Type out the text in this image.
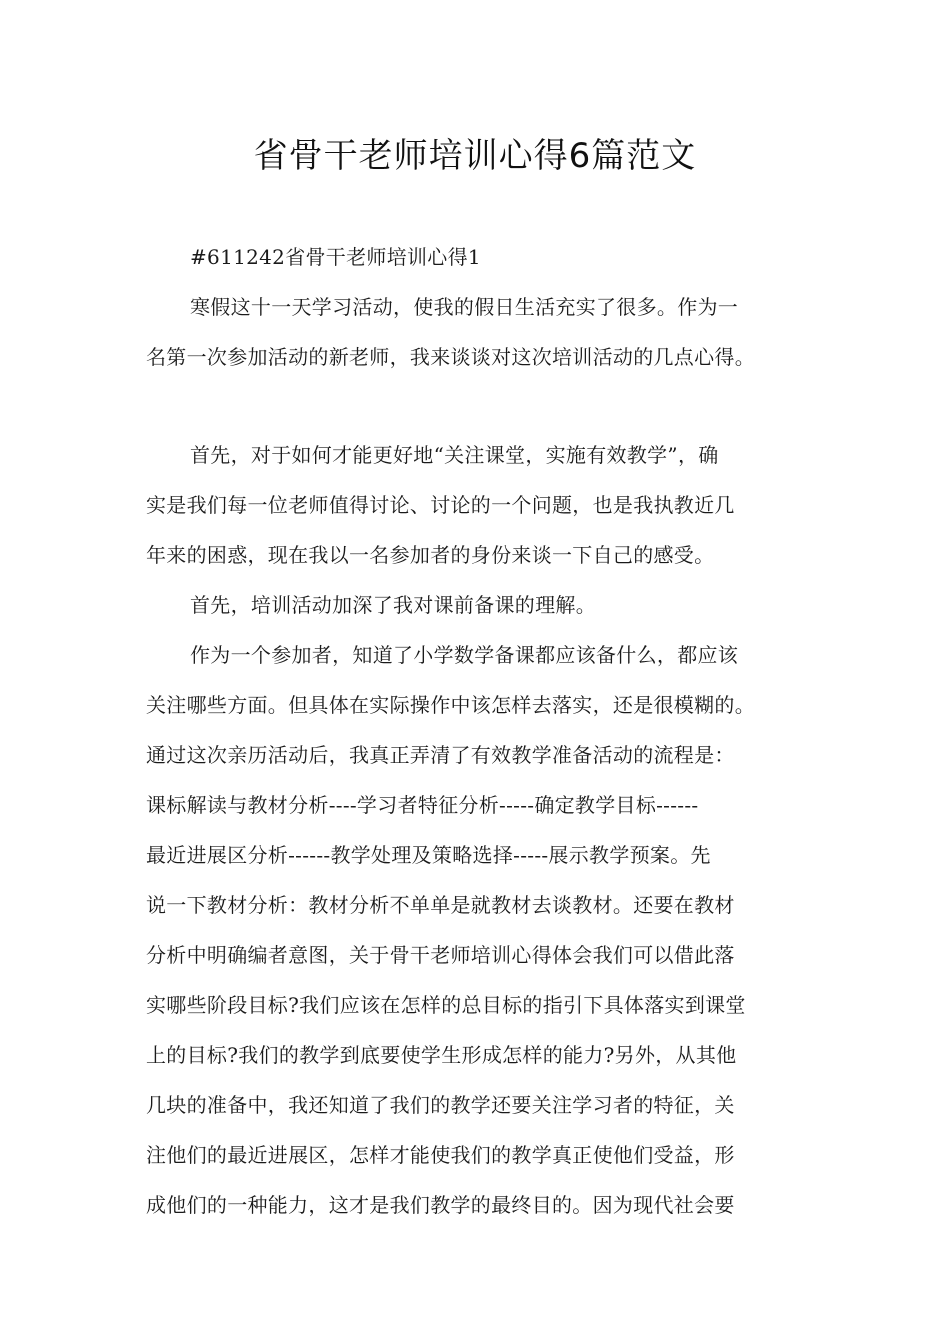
省骨干老师培训心得6篇范文
#611242省骨干老师培训心得1
寒假这十一天学习活动，使我的假日生活充实了很多。作为一
名第一次参加活动的新老师，我来谈谈对这次培训活动的几点心得。
首先，对于如何才能更好地“关注课堂，实施有效教学”，确
实是我们每一位老师值得讨论、讨论的一个问题，也是我执教近几
年来的困惑，现在我以一名参加者的身份来谈一下自己的感受。
首先，培训活动加深了我对课前备课的理解。
作为一个参加者，知道了小学数学备课都应该备什么，都应该
关注哪些方面。但具体在实际操作中该怎样去落实，还是很模糊的。
通过这次亲历活动后，我真正弄清了有效教学准备活动的流程是：
课标解读与教材分析----学习者特征分析-----确定教学目标------
最近进展区分析------教学处理及策略选择-----展示教学预案。先
说一下教材分析：教材分析不单单是就教材去谈教材。还要在教材
分析中明确编者意图，关于骨干老师培训心得体会我们可以借此落
实哪些阶段目标?我们应该在怎样的总目标的指引下具体落实到课堂
上的目标?我们的教学到底要使学生形成怎样的能力?另外，从其他
几块的准备中，我还知道了我们的教学还要关注学习者的特征，关
注他们的最近进展区，怎样才能使我们的教学真正使他们受益，形
成他们的一种能力，这才是我们教学的最终目的。因为现代社会要
